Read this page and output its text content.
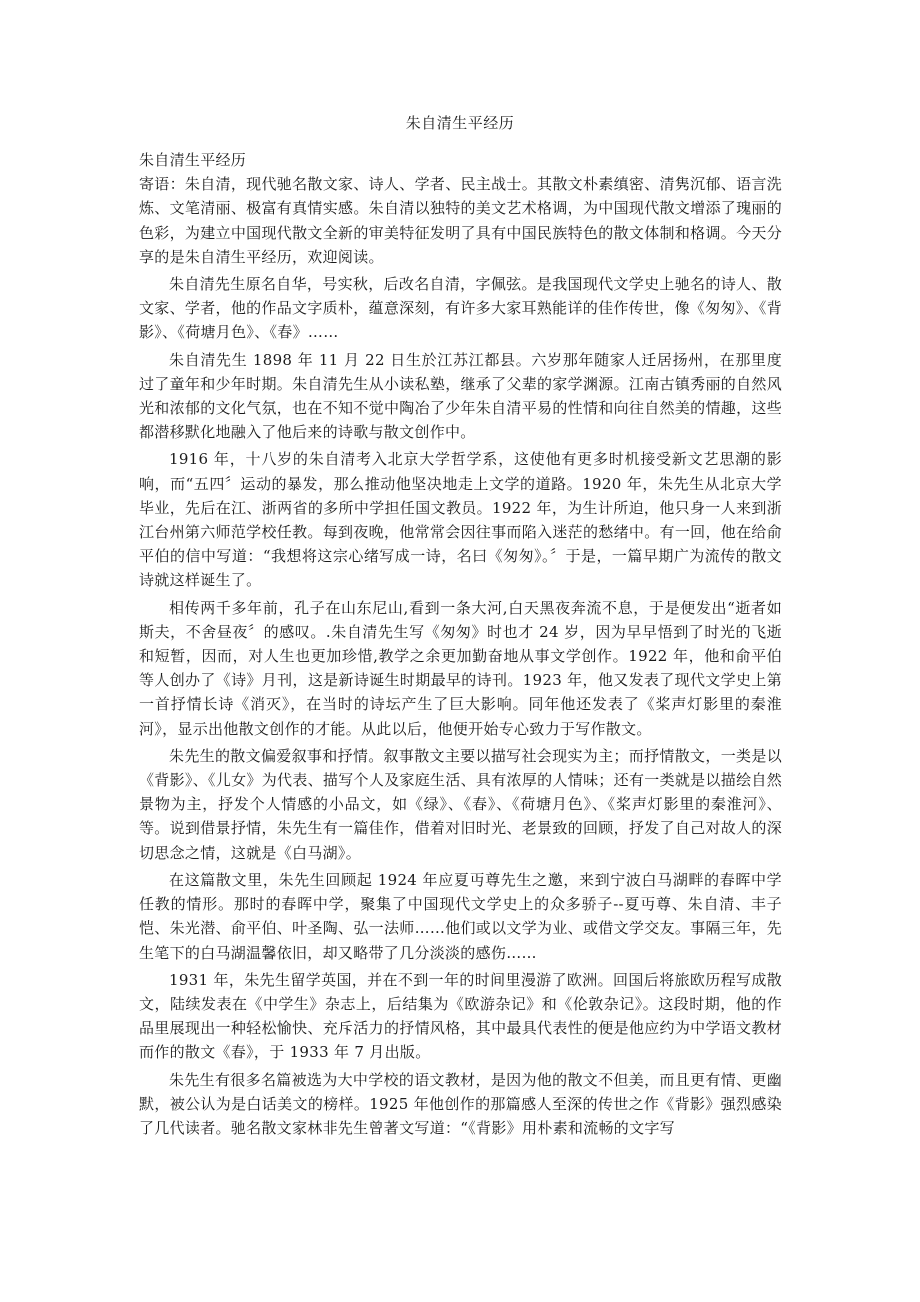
朱自清生平经历

朱自清生平经历

寄语：朱自清，现代驰名散文家、诗人、学者、民主战士。其散文朴素缜密、清隽沉郁、语言洗炼、文笔清丽、极富有真情实感。朱自清以独特的美文艺术格调，为中国现代散文增添了瑰丽的色彩，为建立中国现代散文全新的审美特征发明了具有中国民族特色的散文体制和格调。今天分享的是朱自清生平经历，欢迎阅读。

朱自清先生原名自华，号实秋，后改名自清，字佩弦。是我国现代文学史上驰名的诗人、散文家、学者，他的作品文字质朴，蕴意深刻，有许多大家耳熟能详的佳作传世，像《匆匆》、《背影》、《荷塘月色》、《春》……

朱自清先生 1898 年 11 月 22 日生於江苏江都县。六岁那年随家人迁居扬州，在那里度过了童年和少年时期。朱自清先生从小读私塾，继承了父辈的家学渊源。江南古镇秀丽的自然风光和浓郁的文化气氛，也在不知不觉中陶冶了少年朱自清平易的性情和向往自然美的情趣，这些都潜移默化地融入了他后来的诗歌与散文创作中。

1916 年，十八岁的朱自清考入北京大学哲学系，这使他有更多时机接受新文艺思潮的影响，而“五四〞运动的暴发，那么推动他坚决地走上文学的道路。1920 年，朱先生从北京大学毕业，先后在江、浙两省的多所中学担任国文教员。1922 年，为生计所迫，他只身一人来到浙江台州第六师范学校任教。每到夜晚，他常常会因往事而陷入迷茫的愁绪中。有一回，他在给俞平伯的信中写道：“我想将这宗心绪写成一诗，名曰《匆匆》。〞于是，一篇早期广为流传的散文诗就这样诞生了。

相传两千多年前，孔子在山东尼山,看到一条大河,白天黑夜奔流不息，于是便发出“逝者如斯夫，不舍昼夜〞的感叹。.朱自清先生写《匆匆》时也才 24 岁，因为早早悟到了时光的飞逝和短暂，因而，对人生也更加珍惜,教学之余更加勤奋地从事文学创作。1922 年，他和俞平伯等人创办了《诗》月刊，这是新诗诞生时期最早的诗刊。1923 年，他又发表了现代文学史上第一首抒情长诗《消灭》，在当时的诗坛产生了巨大影响。同年他还发表了《桨声灯影里的秦淮河》，显示出他散文创作的才能。从此以后，他便开始专心致力于写作散文。

朱先生的散文偏爱叙事和抒情。叙事散文主要以描写社会现实为主；而抒情散文，一类是以《背影》、《儿女》为代表、描写个人及家庭生活、具有浓厚的人情味；还有一类就是以描绘自然景物为主，抒发个人情感的小品文，如《绿》、《春》、《荷塘月色》、《桨声灯影里的秦淮河》、等。说到借景抒情，朱先生有一篇佳作，借着对旧时光、老景致的回顾，抒发了自己对故人的深切思念之情，这就是《白马湖》。

在这篇散文里，朱先生回顾起 1924 年应夏丏尊先生之邀，来到宁波白马湖畔的春晖中学任教的情形。那时的春晖中学，聚集了中国现代文学史上的众多骄子--夏丏尊、朱自清、丰子恺、朱光潜、俞平伯、叶圣陶、弘一法师……他们或以文学为业、或借文学交友。事隔三年，先生笔下的白马湖温馨依旧，却又略带了几分淡淡的感伤……

1931 年，朱先生留学英国，并在不到一年的时间里漫游了欧洲。回国后将旅欧历程写成散文，陆续发表在《中学生》杂志上，后结集为《欧游杂记》和《伦敦杂记》。这段时期，他的作品里展现出一种轻松愉快、充斥活力的抒情风格，其中最具代表性的便是他应约为中学语文教材而作的散文《春》，于 1933 年 7 月出版。

朱先生有很多名篇被选为大中学校的语文教材，是因为他的散文不但美，而且更有情、更幽默，被公认为是白话美文的榜样。1925 年他创作的那篇感人至深的传世之作《背影》强烈感染了几代读者。驰名散文家林非先生曾著文写道：“《背影》用朴素和流畅的文字写
